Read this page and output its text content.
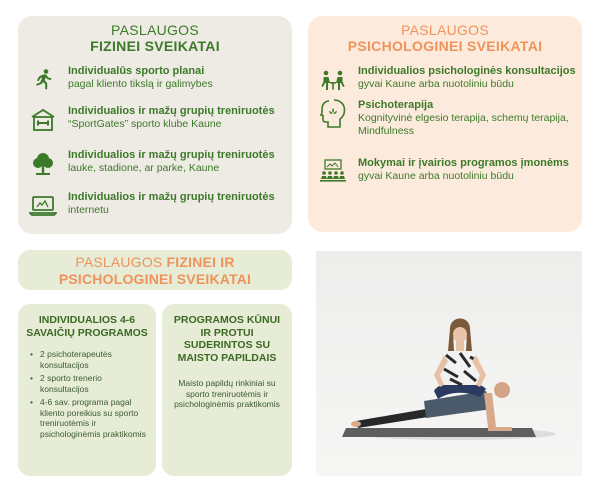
PASLAUGOS
FIZINEI SVEIKATAI
Individualūs sporto planai
pagal kliento tikslą ir galimybes
Individualios ir mažų grupių treniruotės
“SportGates” sporto klube Kaune
Individualios ir mažų grupių treniruotės
lauke, stadione, ar parke, Kaune
Individualios ir mažų grupių treniruotės
internetu
PASLAUGOS
PSICHOLOGINEI SVEIKATAI
Individualios psichologinės konsultacijos
gyvai Kaune arba nuotoliniu būdu
Psichoterapija
Kognityvinė elgesio terapija, schemų terapija, Mindfulness
Mokymai ir įvairios programos įmonėms
gyvai Kaune arba nuotoliniu būdu
PASLAUGOS FIZINEI IR
PSICHOLOGINEI SVEIKATAI
INDIVIDUALIOS 4-6 SAVAIČIŲ PROGRAMOS
• 2 psichoterapeutės konsultacijos
• 2 sporto trenerio konsultacijos
• 4-6 sav. programa pagal kliento poreikius su sporto treniruotėmis ir psichologinėmis praktikomis
PROGRAMOS KŪNUI IR PROTUI SUDERINTOS SU MAISTO PAPILDAIS
Maisto papildų rinkiniai su sporto treniruotėmis ir psichologinėmis praktikomis
